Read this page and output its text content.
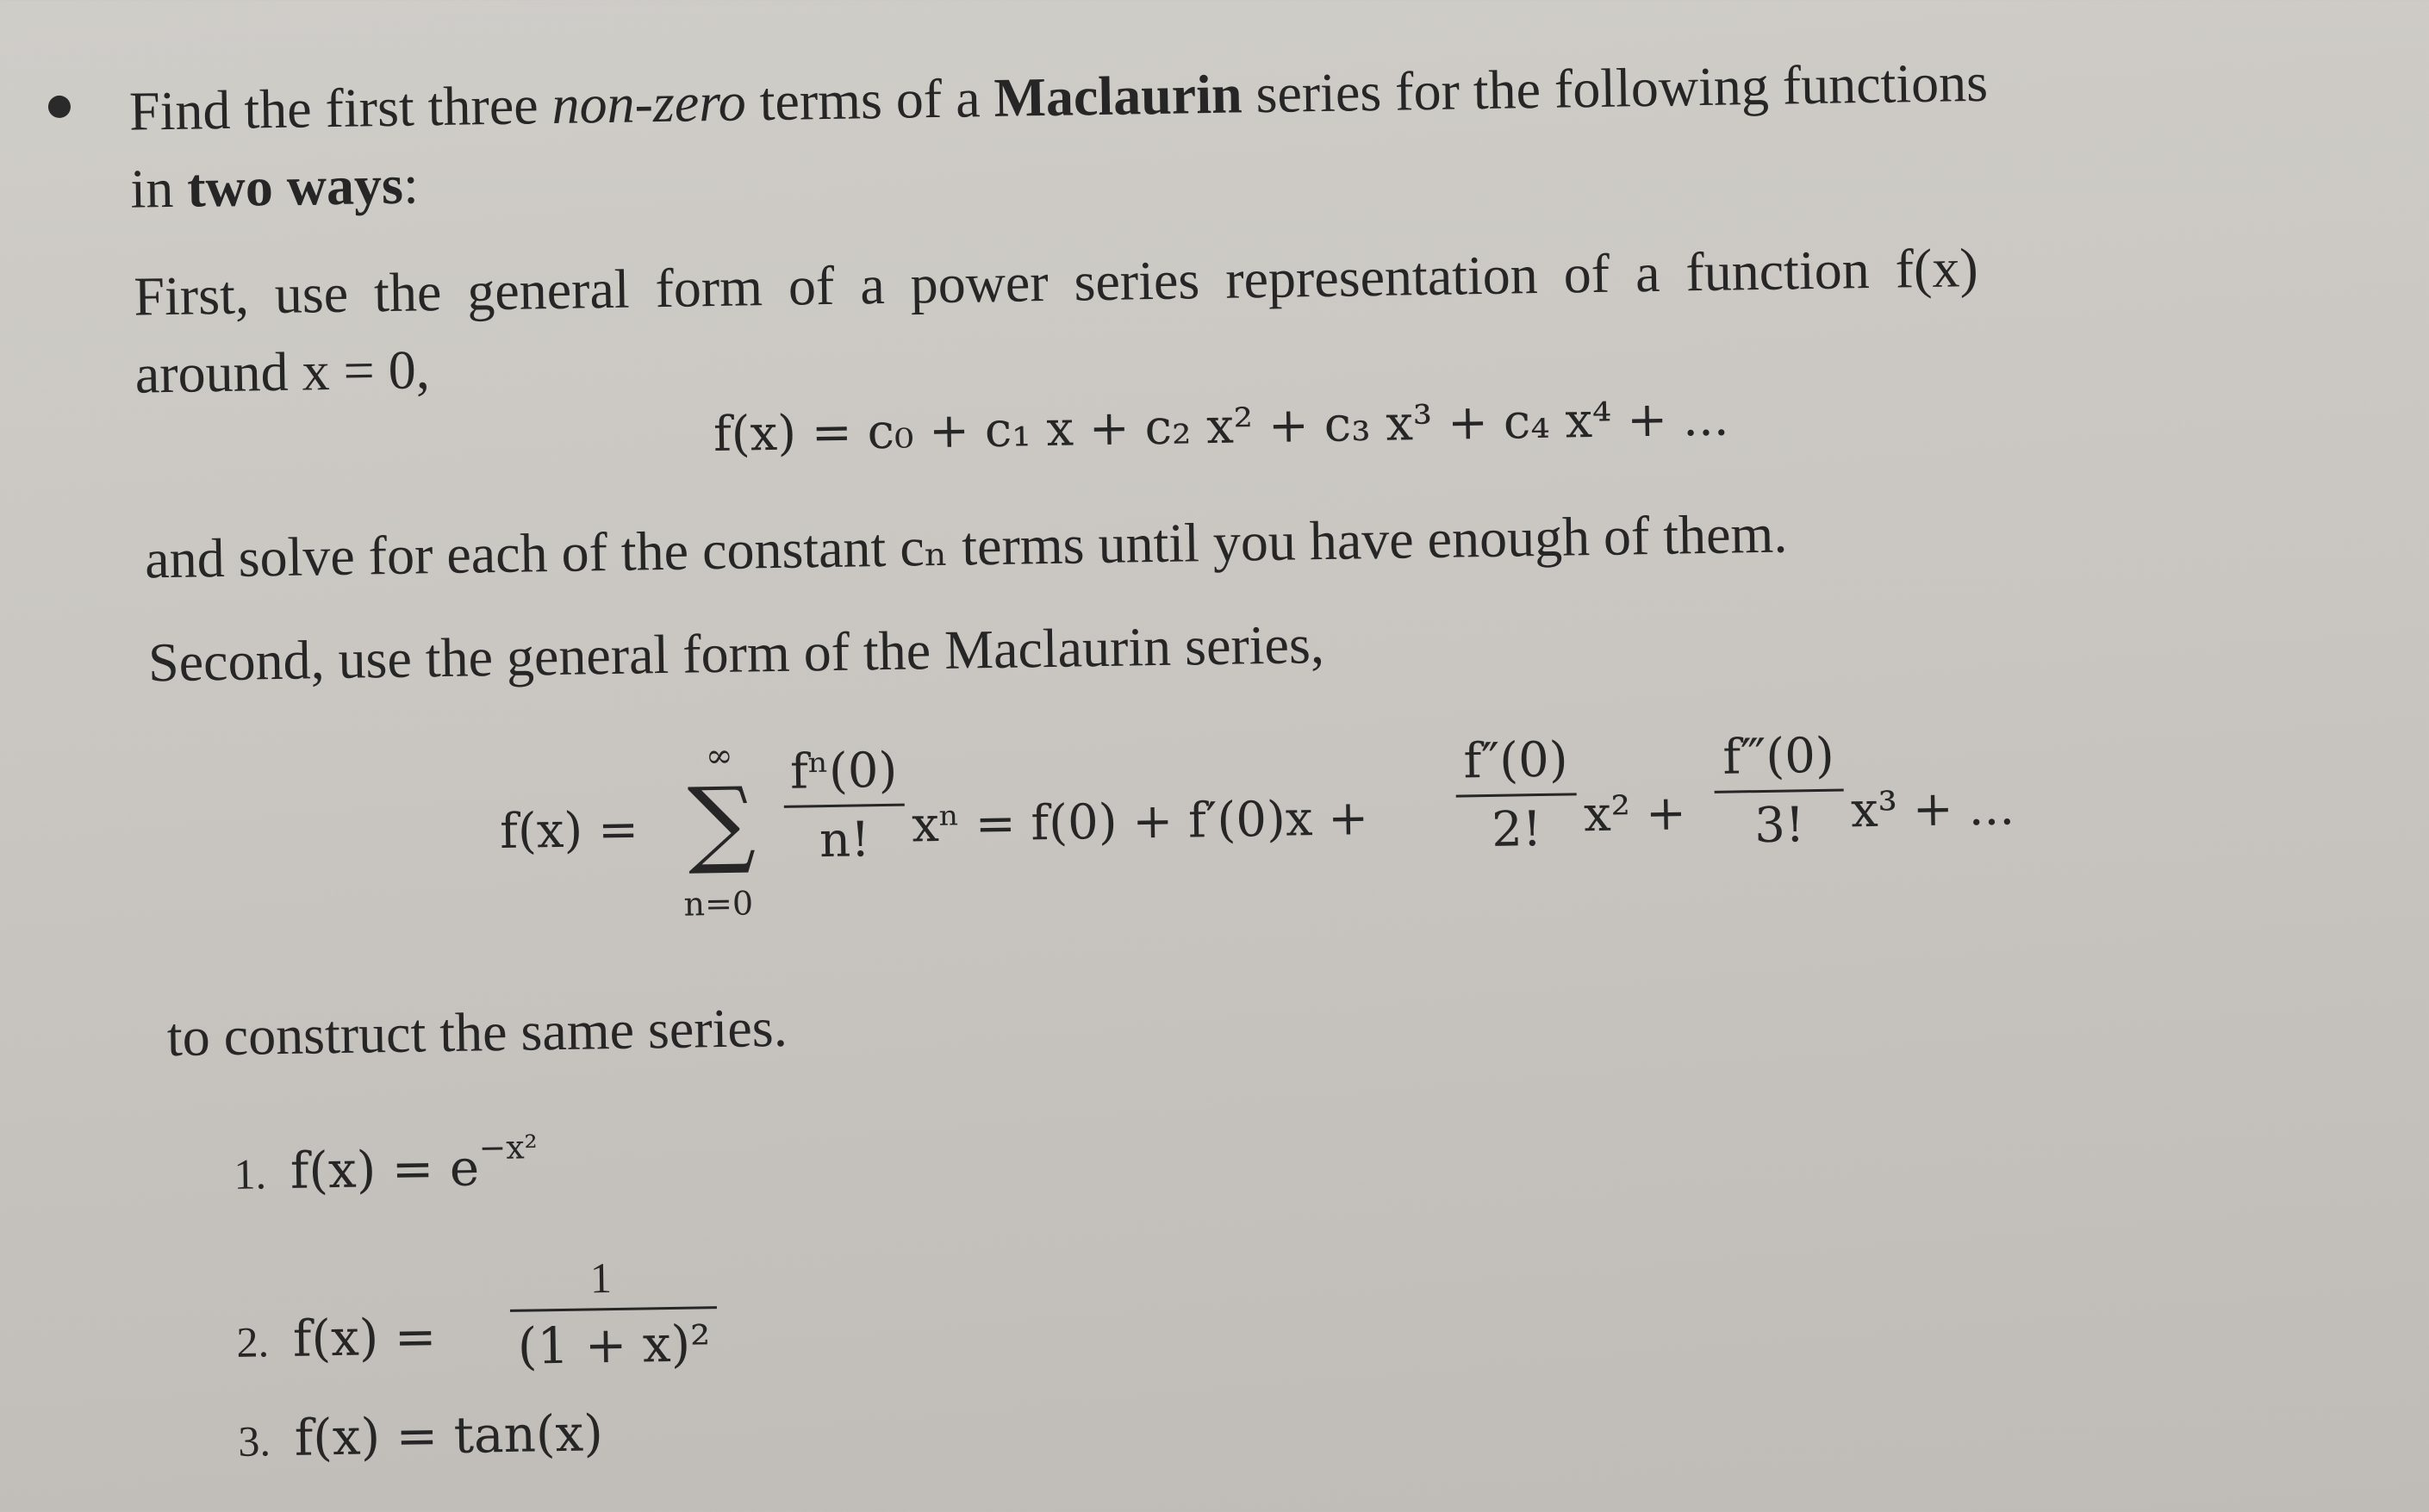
Find the first three non-zero terms of a Maclaurin series for the following functions
in two ways:
First, use the general form of a power series representation of a function f(x)
around x = 0,
f(x) = c₀ + c₁ x + c₂ x² + c₃ x³ + c₄ x⁴ + ...
and solve for each of the constant cₙ terms until you have enough of them.
Second, use the general form of the Maclaurin series,
f(x) =
∞
∑
n=0
fⁿ(0)
n! xⁿ = f(0) + f′(0)x +
f″(0)
2! x² +
f‴(0)
3! x³ + ...
to construct the same series.
1. $f(x) = e^{-x^2}$
2. f(x) =
1
(1 + x)²
3. f(x) = tan(x)
